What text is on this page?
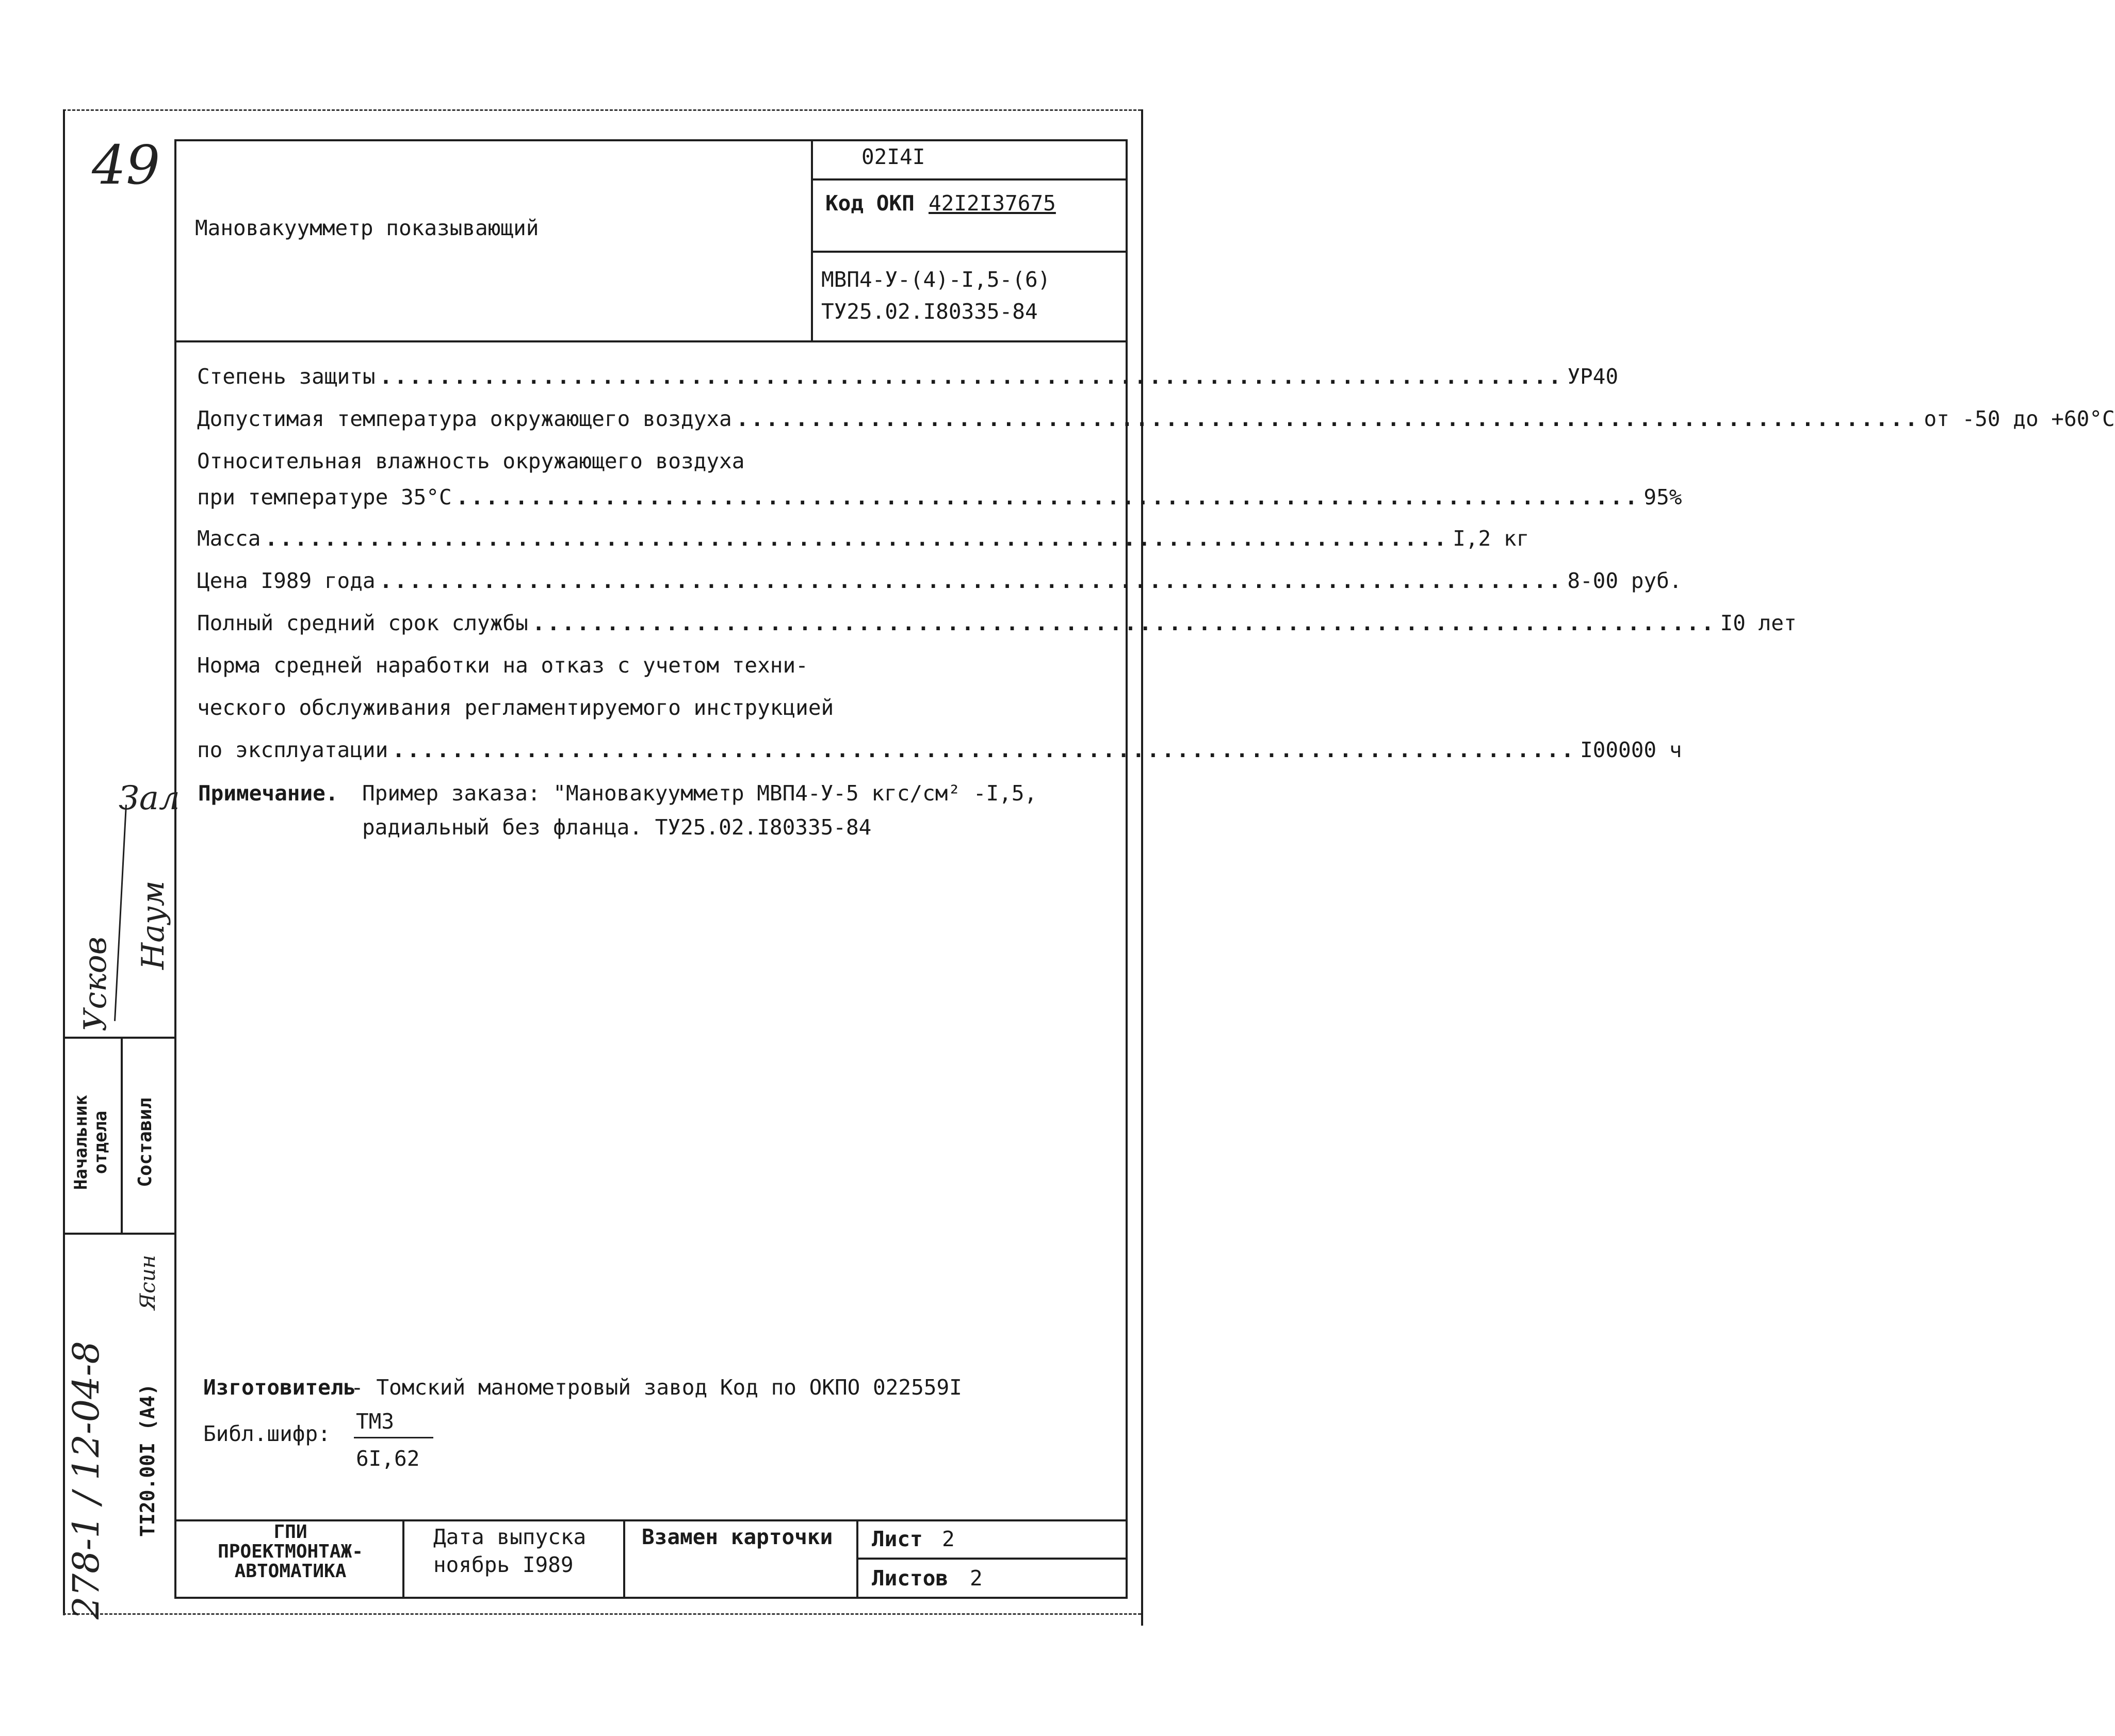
49
Мановакуумметр показывающий
02I4I
Код ОКП 42I2I37675
МВП4-У-(4)-I,5-(6)
ТУ25.02.I80335-84
Степень защиты ................................................................................ УР40
Допустимая температура окружающего воздуха ................................................................................ от -50 до +60°С
Относительная влажность окружающего воздуха
при температуре 35°С ................................................................................ 95%
Масса ................................................................................ I,2 кг
Цена I989 года ................................................................................ 8-00 руб.
Полный средний срок службы ................................................................................ I0 лет
Норма средней наработки на отказ с учетом техни-
ческого обслуживания регламентируемого инструкцией
по эксплуатации ................................................................................ I00000 ч
Примечание. Пример заказа: "Мановакуумметр МВП4-У-5 кгс/см² -I,5,
радиальный без фланца. ТУ25.02.I80335-84
Изготовитель
- Томский манометровый завод Код по ОКПО 022559I
Библ.шифр: ТМЗ
6I,62
ГПИ
ПРОЕКТМОНТАЖ-
АВТОМАТИКА
Дата выпуска
ноябрь I989
Взамен карточки Лист 2
Листов 2
Начальник
отдела Составил
Усков
Наум
Зал
278-1 / 12-04-8 ТI20.00I (А4)
Ясин
